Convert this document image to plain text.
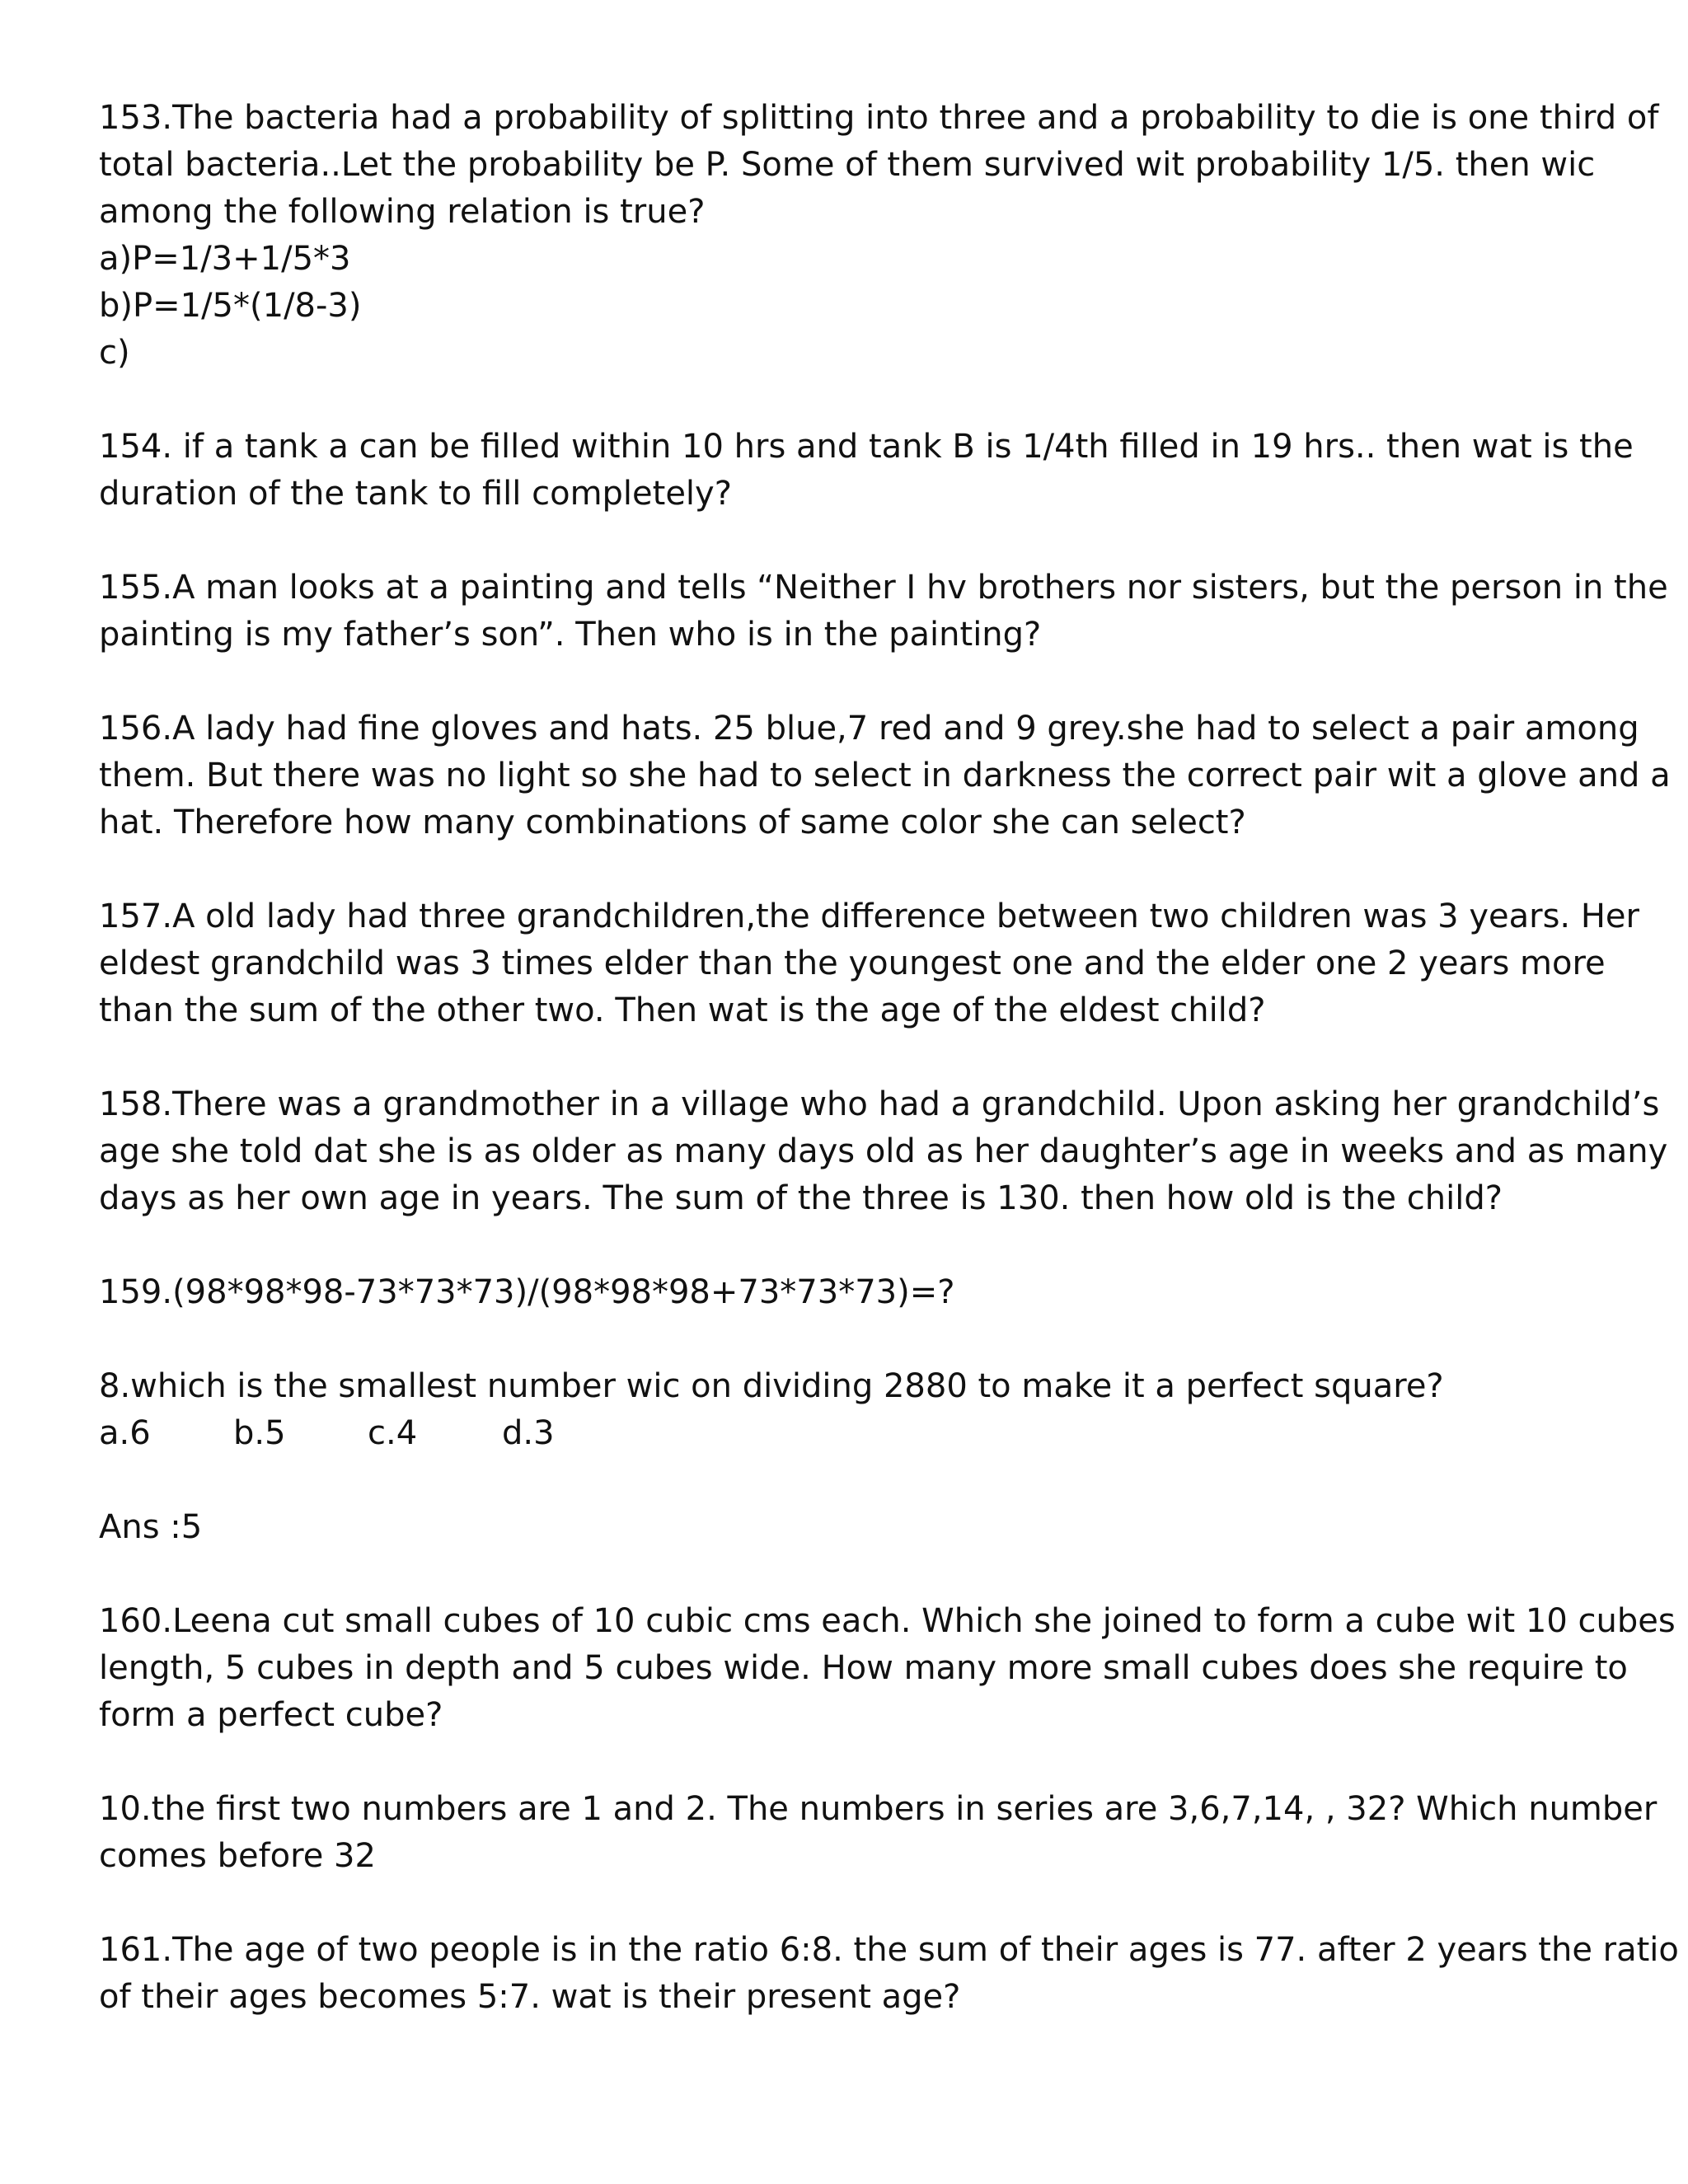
153.The bacteria had a probability of splitting into three and a probability to die is one third of
total bacteria..Let the probability be P. Some of them survived wit probability 1/5. then wic
among the following relation is true?
a)P=1/3+1/5*3
b)P=1/5*(1/8-3)
c)
154. if a tank a can be filled within 10 hrs and tank B is 1/4th filled in 19 hrs.. then wat is the
duration of the tank to fill completely?
155.A man looks at a painting and tells “Neither I hv brothers nor sisters, but the person in the
painting is my father’s son”. Then who is in the painting?
156.A lady had fine gloves and hats. 25 blue,7 red and 9 grey.she had to select a pair among
them. But there was no light so she had to select in darkness the correct pair wit a glove and a
hat. Therefore how many combinations of same color she can select?
157.A old lady had three grandchildren,the difference between two children was 3 years. Her
eldest grandchild was 3 times elder than the youngest one and the elder one 2 years more
than the sum of the other two. Then wat is the age of the eldest child?
158.There was a grandmother in a village who had a grandchild. Upon asking her grandchild’s
age she told dat she is as older as many days old as her daughter’s age in weeks and as many
days as her own age in years. The sum of the three is 130. then how old is the child?
159.(98*98*98-73*73*73)/(98*98*98+73*73*73)=?
8.which is the smallest number wic on dividing 2880 to make it a perfect square?
a.6	b.5 c.4	d.3
Ans :5
160.Leena cut small cubes of 10 cubic cms each. Which she joined to form a cube wit 10 cubes
length, 5 cubes in depth and 5 cubes wide. How many more small cubes does she require to
form a perfect cube?
10.the first two numbers are 1 and 2. The numbers in series are 3,6,7,14, , 32? Which number
comes before 32
161.The age of two people is in the ratio 6:8. the sum of their ages is 77. after 2 years the ratio
of their ages becomes 5:7. wat is their present age?
